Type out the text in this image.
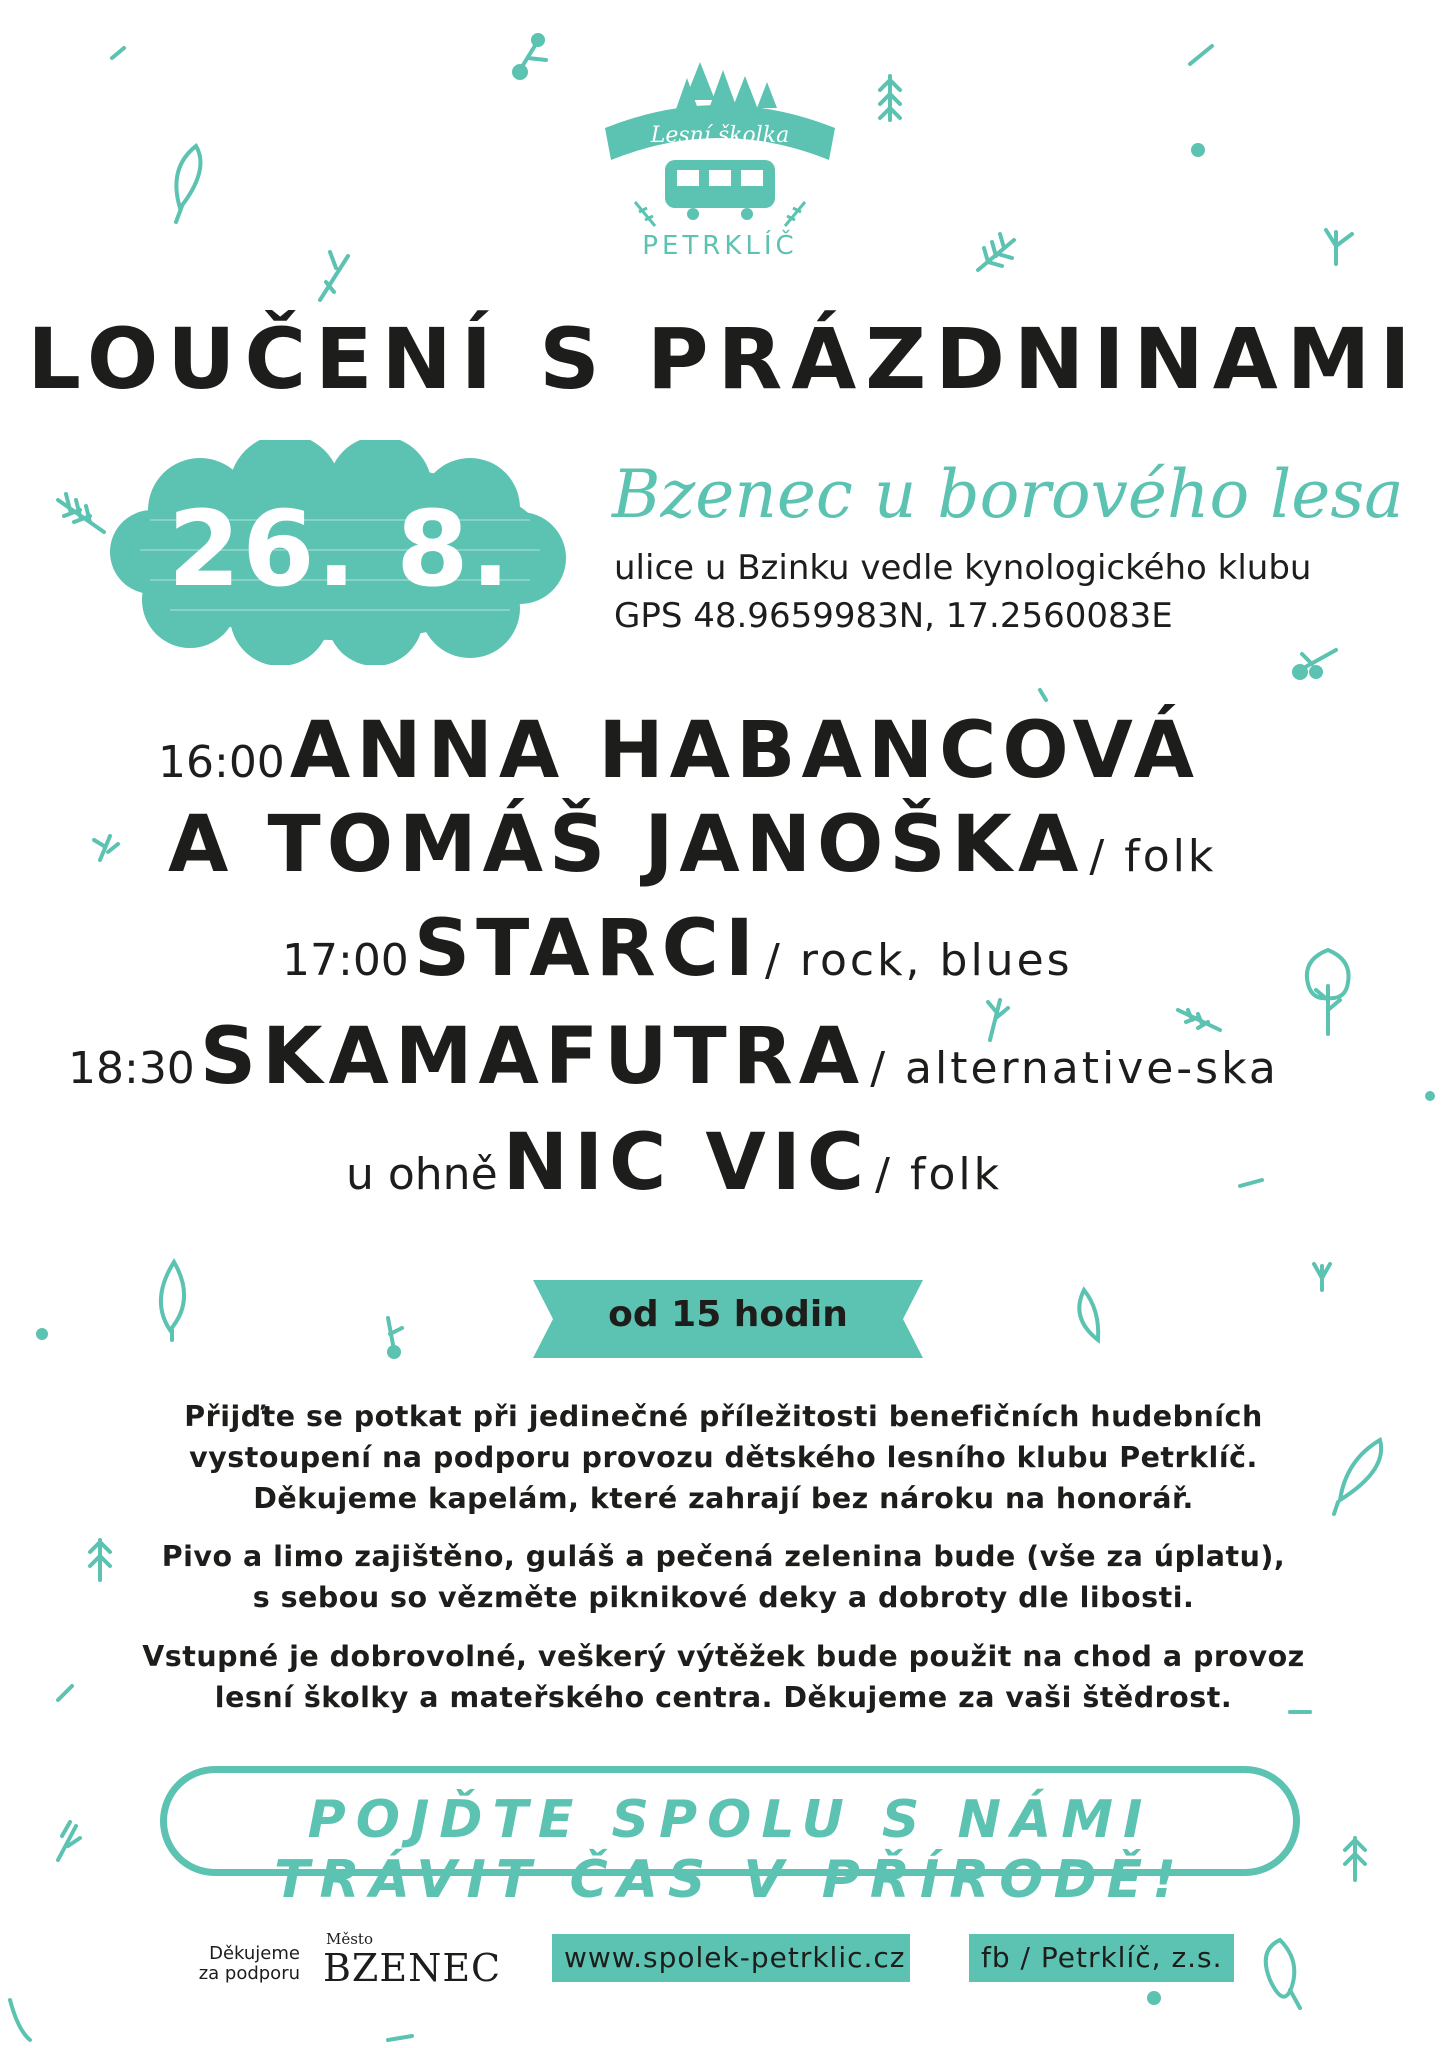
Lesní školka
PETRKLÍČ
LOUČENÍ S PRÁZDNINAMI
26. 8.	Bzenec u borového lesa
ulice u Bzinku vedle kynologického klubu
GPS 48.9659983N, 17.2560083E
16:00 ANNA HABANCOVÁ
A TOMÁŠ JANOŠKA / folk
17:00 STARCI / rock, blues
18:30 SKAMAFUTRA / alternative-ska
u ohně NIC VIC / folk
od 15 hodin
Přijďte se potkat při jedinečné příležitosti benefičních hudebních
vystoupení na podporu provozu dětského lesního klubu Petrklíč.
Děkujeme kapelám, které zahrají bez nároku na honorář.
Pivo a limo zajištěno, guláš a pečená zelenina bude (vše za úplatu),
s sebou so vězměte piknikové deky a dobroty dle libosti.
Vstupné je dobrovolné, veškerý výtěžek bude použit na chod a provoz
lesní školky a mateřského centra. Děkujeme za vaši štědrost.
POJĎTE SPOLU S NÁMI TRÁVIT ČAS V PŘÍRODĚ!
Děkujeme
za podporu
Město
BZENEC	www.spolek-petrklic.cz	fb / Petrklíč, z.s.
